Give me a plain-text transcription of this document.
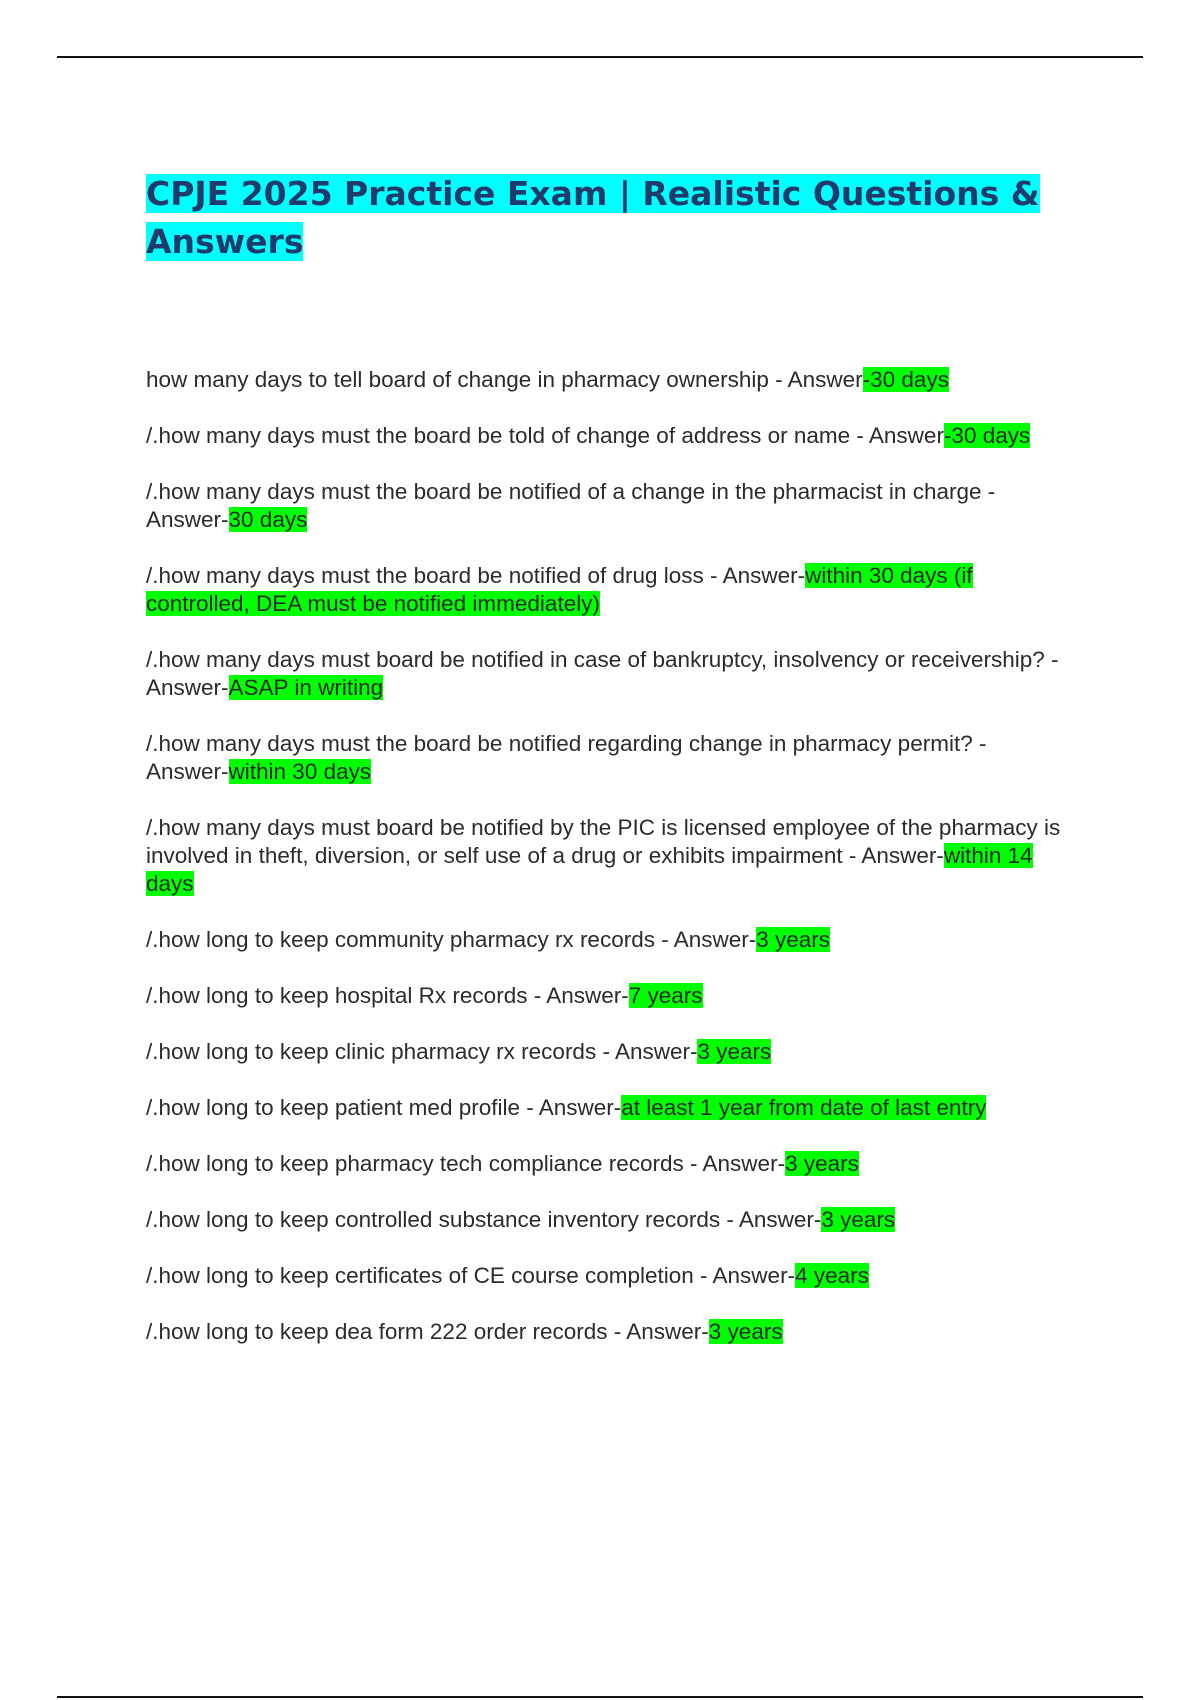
CPJE 2025 Practice Exam | Realistic Questions & Answers

how many days to tell board of change in pharmacy ownership - Answer-30 days

/.how many days must the board be told of change of address or name - Answer-30 days

/.how many days must the board be notified of a change in the pharmacist in charge - Answer-30 days

/.how many days must the board be notified of drug loss - Answer-within 30 days (if controlled, DEA must be notified immediately)

/.how many days must board be notified in case of bankruptcy, insolvency or receivership? - Answer-ASAP in writing

/.how many days must the board be notified regarding change in pharmacy permit? - Answer-within 30 days

/.how many days must board be notified by the PIC is licensed employee of the pharmacy is involved in theft, diversion, or self use of a drug or exhibits impairment - Answer-within 14 days

/.how long to keep community pharmacy rx records - Answer-3 years

/.how long to keep hospital Rx records - Answer-7 years

/.how long to keep clinic pharmacy rx records - Answer-3 years

/.how long to keep patient med profile - Answer-at least 1 year from date of last entry

/.how long to keep pharmacy tech compliance records - Answer-3 years

/.how long to keep controlled substance inventory records - Answer-3 years

/.how long to keep certificates of CE course completion - Answer-4 years

/.how long to keep dea form 222 order records - Answer-3 years
